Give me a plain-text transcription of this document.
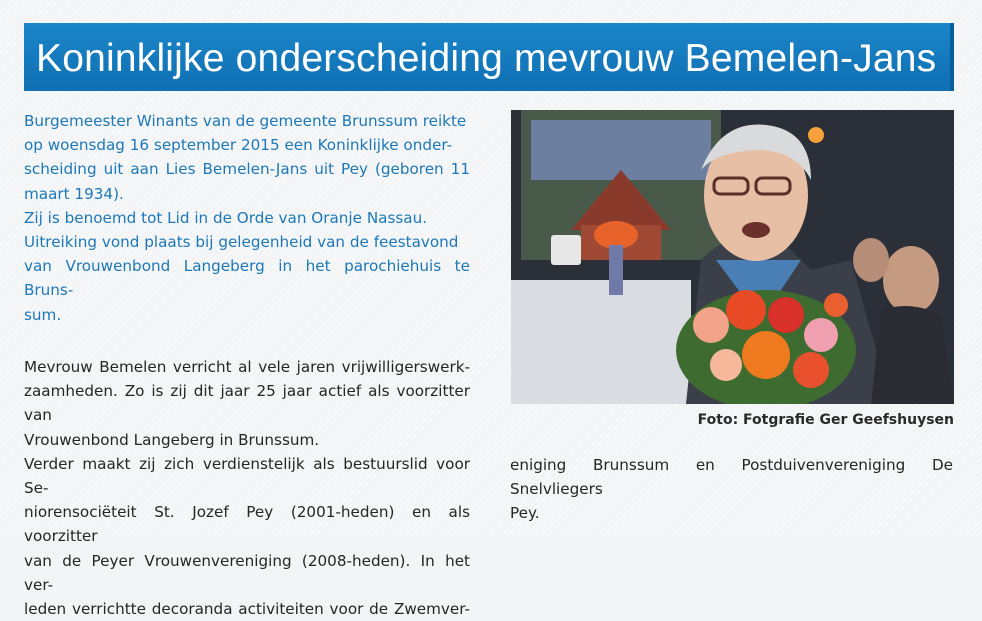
Koninklijke onderscheiding mevrouw Bemelen-Jans

Burgemeester Winants van de gemeente Brunssum reikte
op woensdag 16 september 2015 een Koninklijke onder-
scheiding uit aan Lies Bemelen-Jans uit Pey (geboren 11
maart 1934).
Zij is benoemd tot Lid in de Orde van Oranje Nassau.
Uitreiking vond plaats bij gelegenheid van de feestavond
van Vrouwenbond Langeberg in het parochiehuis te Bruns-
sum.

Mevrouw Bemelen verricht al vele jaren vrijwilligerswerk-
zaamheden. Zo is zij dit jaar 25 jaar actief als voorzitter van
Vrouwenbond Langeberg in Brunssum.
Verder maakt zij zich verdienstelijk als bestuurslid voor Se-
niorensociëteit St. Jozef Pey (2001-heden) en als voorzitter
van de Peyer Vrouwenvereniging (2008-heden). In het ver-
leden verrichtte decoranda activiteiten voor de Zwemver-

Foto: Fotgrafie Ger Geefshuysen

eniging Brunssum en Postduivenvereniging De Snelvliegers
Pey.
